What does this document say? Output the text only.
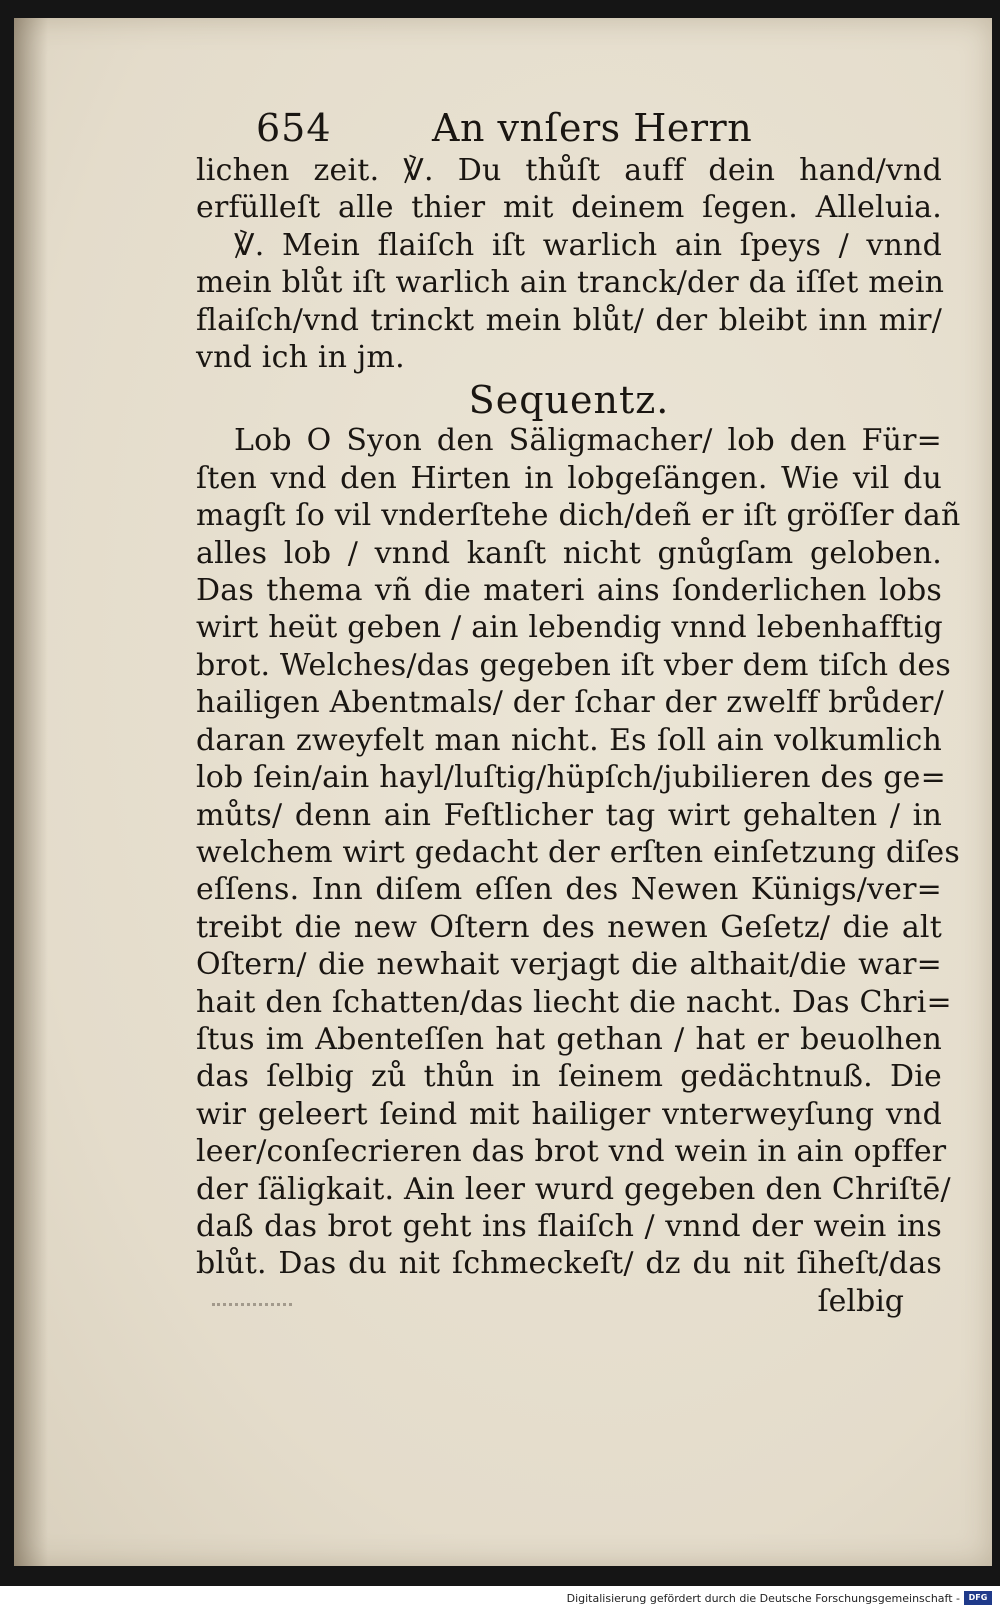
654	An vnſers Herrn
lichen zeit. ℣. Du thůſt auff dein hand/vnd
erfülleſt alle thier mit deinem ſegen. Alleluia.
℣. Mein flaiſch iſt warlich ain ſpeys / vnnd
mein blůt iſt warlich ain tranck/der da iſſet mein
flaiſch/vnd trinckt mein blůt/ der bleibt inn mir/
vnd ich in jm.
Sequentz.
Lob O Syon den Säligmacher/ lob den Für=
ſten vnd den Hirten in lobgeſängen. Wie vil du
magſt ſo vil vnderſtehe dich/deñ er iſt gröſſer dañ
alles lob / vnnd kanſt nicht gnůgſam geloben.
Das thema vñ die materi ains ſonderlichen lobs
wirt heüt geben / ain lebendig vnnd lebenhafftig
brot. Welches/das gegeben iſt vber dem tiſch des
hailigen Abentmals/ der ſchar der zwelff brůder/
daran zweyfelt man nicht. Es ſoll ain volkumlich
lob ſein/ain hayl/luſtig/hüpſch/jubilieren des ge=
můts/ denn ain Feſtlicher tag wirt gehalten / in
welchem wirt gedacht der erſten einſetzung diſes
eſſens. Inn diſem eſſen des Newen Künigs/ver=
treibt die new Oſtern des newen Geſetz/ die alt
Oſtern/ die newhait verjagt die althait/die war=
hait den ſchatten/das liecht die nacht. Das Chri=
ſtus im Abenteſſen hat gethan / hat er beuolhen
das ſelbig zů thůn in ſeinem gedächtnuß. Die
wir geleert ſeind mit hailiger vnterweyſung vnd
leer/conſecrieren das brot vnd wein in ain opffer
der ſäligkait. Ain leer wurd gegeben den Chriſtē/
daß das brot geht ins flaiſch / vnnd der wein ins
blůt. Das du nit ſchmeckeſt/ dz du nit ſiheſt/das
ſelbig
Digitalisierung gefördert durch die Deutsche Forschungsgemeinschaft -	DFG
